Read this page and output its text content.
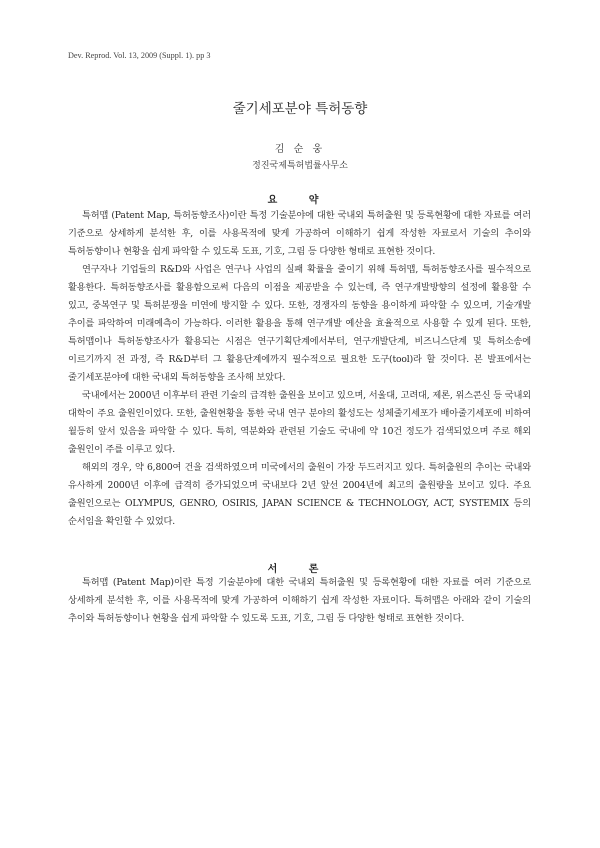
Dev. Reprod. Vol. 13, 2009 (Suppl. 1). pp 3
줄기세포분야 특허동향
김 순 웅
정진국제특허법률사무소
요 약

특허맵 (Patent Map, 특허동향조사)이란 특정 기술분야에 대한 국내외 특허출원 및 등록현황에 대한 자료를 여러 기준으로 상세하게 분석한 후, 이를 사용목적에 맞게 가공하여 이해하기 쉽게 작성한 자료로서 기술의 추이와 특허동향이나 현황을 쉽게 파악할 수 있도록 도표, 기호, 그림 등 다양한 형태로 표현한 것이다.

연구자나 기업들의 R&D와 사업은 연구나 사업의 실패 확률을 줄이기 위해 특허맵, 특허동향조사를 필수적으로 활용한다. 특허동향조사를 활용함으로써 다음의 이점을 제공받을 수 있는데, 즉 연구개발방향의 설정에 활용할 수 있고, 중복연구 및 특허분쟁을 미연에 방지할 수 있다. 또한, 경쟁자의 동향을 용이하게 파악할 수 있으며, 기술개발 추이를 파악하여 미래예측이 가능하다. 이러한 활용을 통해 연구개발 예산을 효율적으로 사용할 수 있게 된다. 또한, 특허맵이나 특허동향조사가 활용되는 시점은 연구기획단계에서부터, 연구개발단계, 비즈니스단계 및 특허소송에 이르기까지 전 과정, 즉 R&D부터 그 활용단계에까지 필수적으로 필요한 도구(tool)라 할 것이다. 본 발표에서는 줄기세포분야에 대한 국내외 특허동향을 조사해 보았다.

국내에서는 2000년 이후부터 관련 기술의 급격한 출원을 보이고 있으며, 서울대, 고려대, 제론, 위스콘신 등 국내외 대학이 주요 출원인이었다. 또한, 출원현황을 통한 국내 연구 분야의 활성도는 성체줄기세포가 배아줄기세포에 비하여 월등히 앞서 있음을 파악할 수 있다. 특히, 역분화와 관련된 기술도 국내에 약 10건 정도가 검색되었으며 주로 해외 출원인이 주를 이루고 있다.

해외의 경우, 약 6,800여 건을 검색하였으며 미국에서의 출원이 가장 두드러지고 있다. 특허출원의 추이는 국내와 유사하게 2000년 이후에 급격히 증가되었으며 국내보다 2년 앞선 2004년에 최고의 출원량을 보이고 있다. 주요 출원인으로는 OLYMPUS, GENRO, OSIRIS, JAPAN SCIENCE & TECHNOLOGY, ACT, SYSTEMIX 등의 순서임을 확인할 수 있었다.

서 론

특허맵 (Patent Map)이란 특정 기술분야에 대한 국내외 특허출원 및 등록현황에 대한 자료를 여러 기준으로 상세하게 분석한 후, 이를 사용목적에 맞게 가공하여 이해하기 쉽게 작성한 자료이다. 특허맵은 아래와 같이 기술의 추이와 특허동향이나 현황을 쉽게 파악할 수 있도록 도표, 기호, 그림 등 다양한 형태로 표현한 것이다.
